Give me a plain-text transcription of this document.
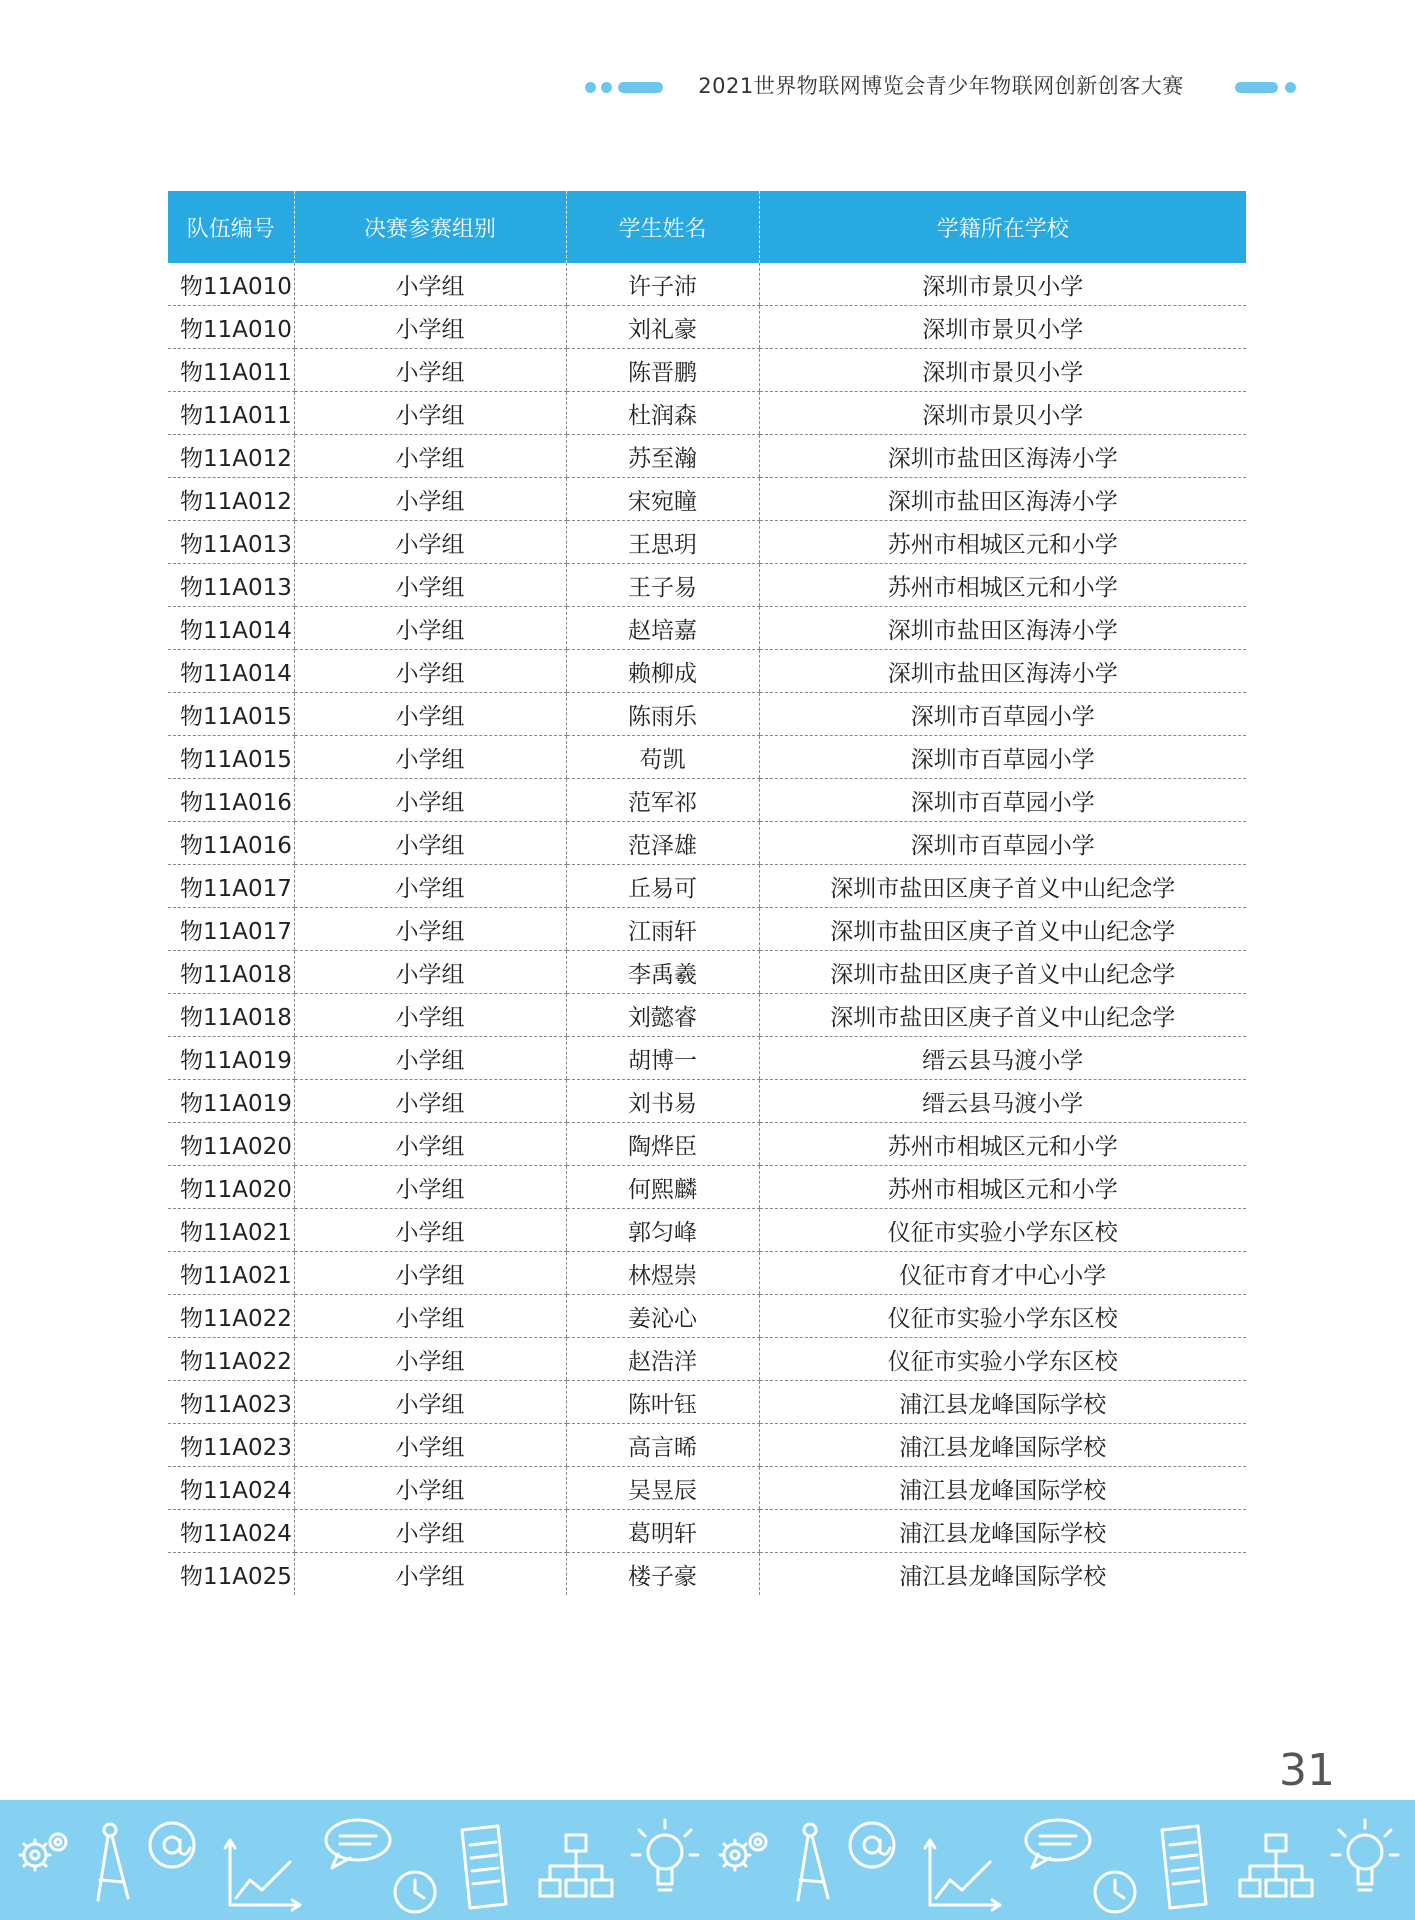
2021世界物联网博览会青少年物联网创新创客大赛
队伍编号	决赛参赛组别	学生姓名	学籍所在学校
物11A010	小学组	许子沛	深圳市景贝小学
物11A010	小学组	刘礼豪	深圳市景贝小学
物11A011	小学组	陈晋鹏	深圳市景贝小学
物11A011	小学组	杜润森	深圳市景贝小学
物11A012	小学组	苏至瀚	深圳市盐田区海涛小学
物11A012	小学组	宋宛瞳	深圳市盐田区海涛小学
物11A013	小学组	王思玥	苏州市相城区元和小学
物11A013	小学组	王子易	苏州市相城区元和小学
物11A014	小学组	赵培嘉	深圳市盐田区海涛小学
物11A014	小学组	赖柳成	深圳市盐田区海涛小学
物11A015	小学组	陈雨乐	深圳市百草园小学
物11A015	小学组	苟凯	深圳市百草园小学
物11A016	小学组	范军祁	深圳市百草园小学
物11A016	小学组	范泽雄	深圳市百草园小学
物11A017	小学组	丘易可	深圳市盐田区庚子首义中山纪念学
物11A017	小学组	江雨轩	深圳市盐田区庚子首义中山纪念学
物11A018	小学组	李禹羲	深圳市盐田区庚子首义中山纪念学
物11A018	小学组	刘懿睿	深圳市盐田区庚子首义中山纪念学
物11A019	小学组	胡博一	缙云县马渡小学
物11A019	小学组	刘书易	缙云县马渡小学
物11A020	小学组	陶烨臣	苏州市相城区元和小学
物11A020	小学组	何熙麟	苏州市相城区元和小学
物11A021	小学组	郭匀峰	仪征市实验小学东区校
物11A021	小学组	林煜崇	仪征市育才中心小学
物11A022	小学组	姜沁心	仪征市实验小学东区校
物11A022	小学组	赵浩洋	仪征市实验小学东区校
物11A023	小学组	陈叶钰	浦江县龙峰国际学校
物11A023	小学组	高言晞	浦江县龙峰国际学校
物11A024	小学组	吴昱辰	浦江县龙峰国际学校
物11A024	小学组	葛明轩	浦江县龙峰国际学校
物11A025	小学组	楼子豪	浦江县龙峰国际学校
31
